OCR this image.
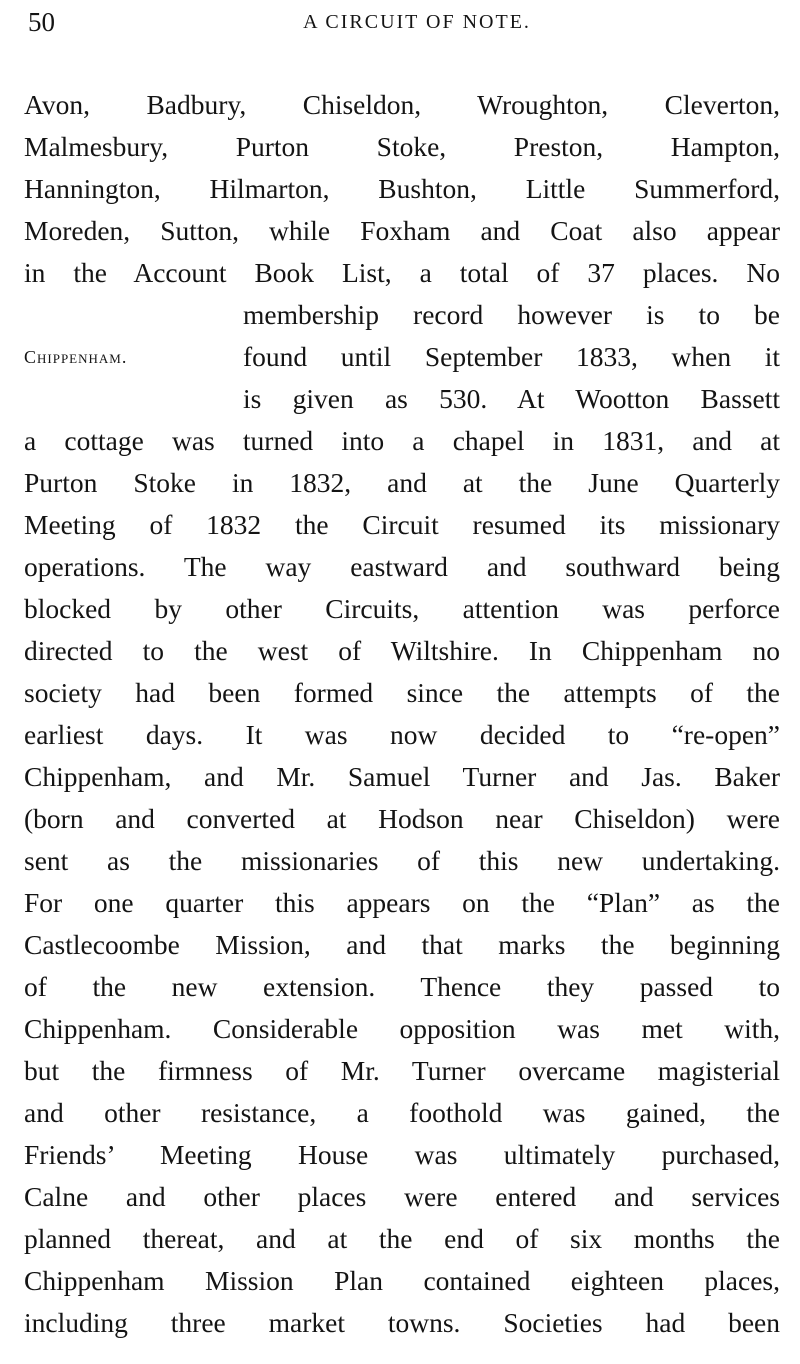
50	A CIRCUIT OF NOTE.
Avon, Badbury, Chiseldon, Wroughton, Cleverton,
Malmesbury, Purton Stoke, Preston, Hampton,
Hannington, Hilmarton, Bushton, Little Summerford,
Moreden, Sutton, while Foxham and Coat also appear
in the Account Book List, a total of 37 places. No
membership record however is to be
Chippenham.	found until September 1833, when it
is given as 530. At Wootton Bassett
a cottage was turned into a chapel in 1831, and at
Purton Stoke in 1832, and at the June Quarterly
Meeting of 1832 the Circuit resumed its missionary
operations. The way eastward and southward being
blocked by other Circuits, attention was perforce
directed to the west of Wiltshire. In Chippenham no
society had been formed since the attempts of the
earliest days. It was now decided to “re-open”
Chippenham, and Mr. Samuel Turner and Jas. Baker
(born and converted at Hodson near Chiseldon) were
sent as the missionaries of this new undertaking.
For one quarter this appears on the “Plan” as the
Castlecoombe Mission, and that marks the beginning
of the new extension. Thence they passed to
Chippenham. Considerable opposition was met with,
but the firmness of Mr. Turner overcame magisterial
and other resistance, a foothold was gained, the
Friends’ Meeting House was ultimately purchased,
Calne and other places were entered and services
planned thereat, and at the end of six months the
Chippenham Mission Plan contained eighteen places,
including three market towns. Societies had been
